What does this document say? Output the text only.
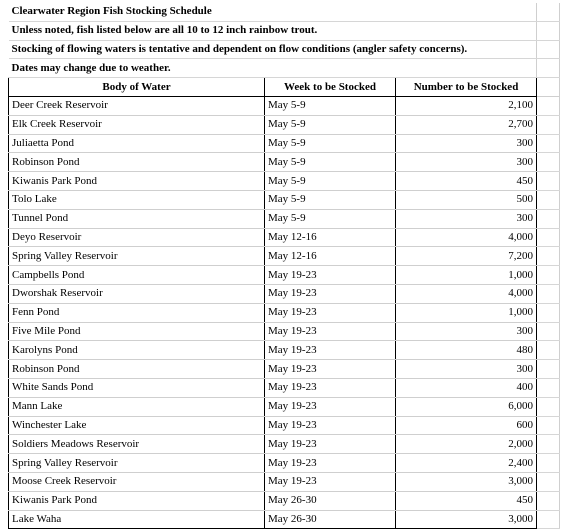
Clearwater Region Fish Stocking Schedule			
Unless noted, fish listed below are all 10 to 12 inch rainbow trout.			
Stocking of flowing waters is tentative and dependent on flow conditions (angler safety concerns).			
Dates may change due to weather.			
Body of Water	Week to be Stocked	Number to be Stocked	
Deer Creek Reservoir	May 5-9	2,100	
Elk Creek Reservoir	May 5-9	2,700	
Juliaetta Pond	May 5-9	300	
Robinson Pond	May 5-9	300	
Kiwanis Park Pond	May 5-9	450	
Tolo Lake	May 5-9	500	
Tunnel Pond	May 5-9	300	
Deyo Reservoir	May 12-16	4,000	
Spring Valley Reservoir	May 12-16	7,200	
Campbells Pond	May 19-23	1,000	
Dworshak Reservoir	May 19-23	4,000	
Fenn Pond	May 19-23	1,000	
Five Mile Pond	May 19-23	300	
Karolyns Pond	May 19-23	480	
Robinson Pond	May 19-23	300	
White Sands Pond	May 19-23	400	
Mann Lake	May 19-23	6,000	
Winchester Lake	May 19-23	600	
Soldiers Meadows Reservoir	May 19-23	2,000	
Spring Valley Reservoir	May 19-23	2,400	
Moose Creek Reservoir	May 19-23	3,000	
Kiwanis Park Pond	May 26-30	450	
Lake Waha	May 26-30	3,000	
